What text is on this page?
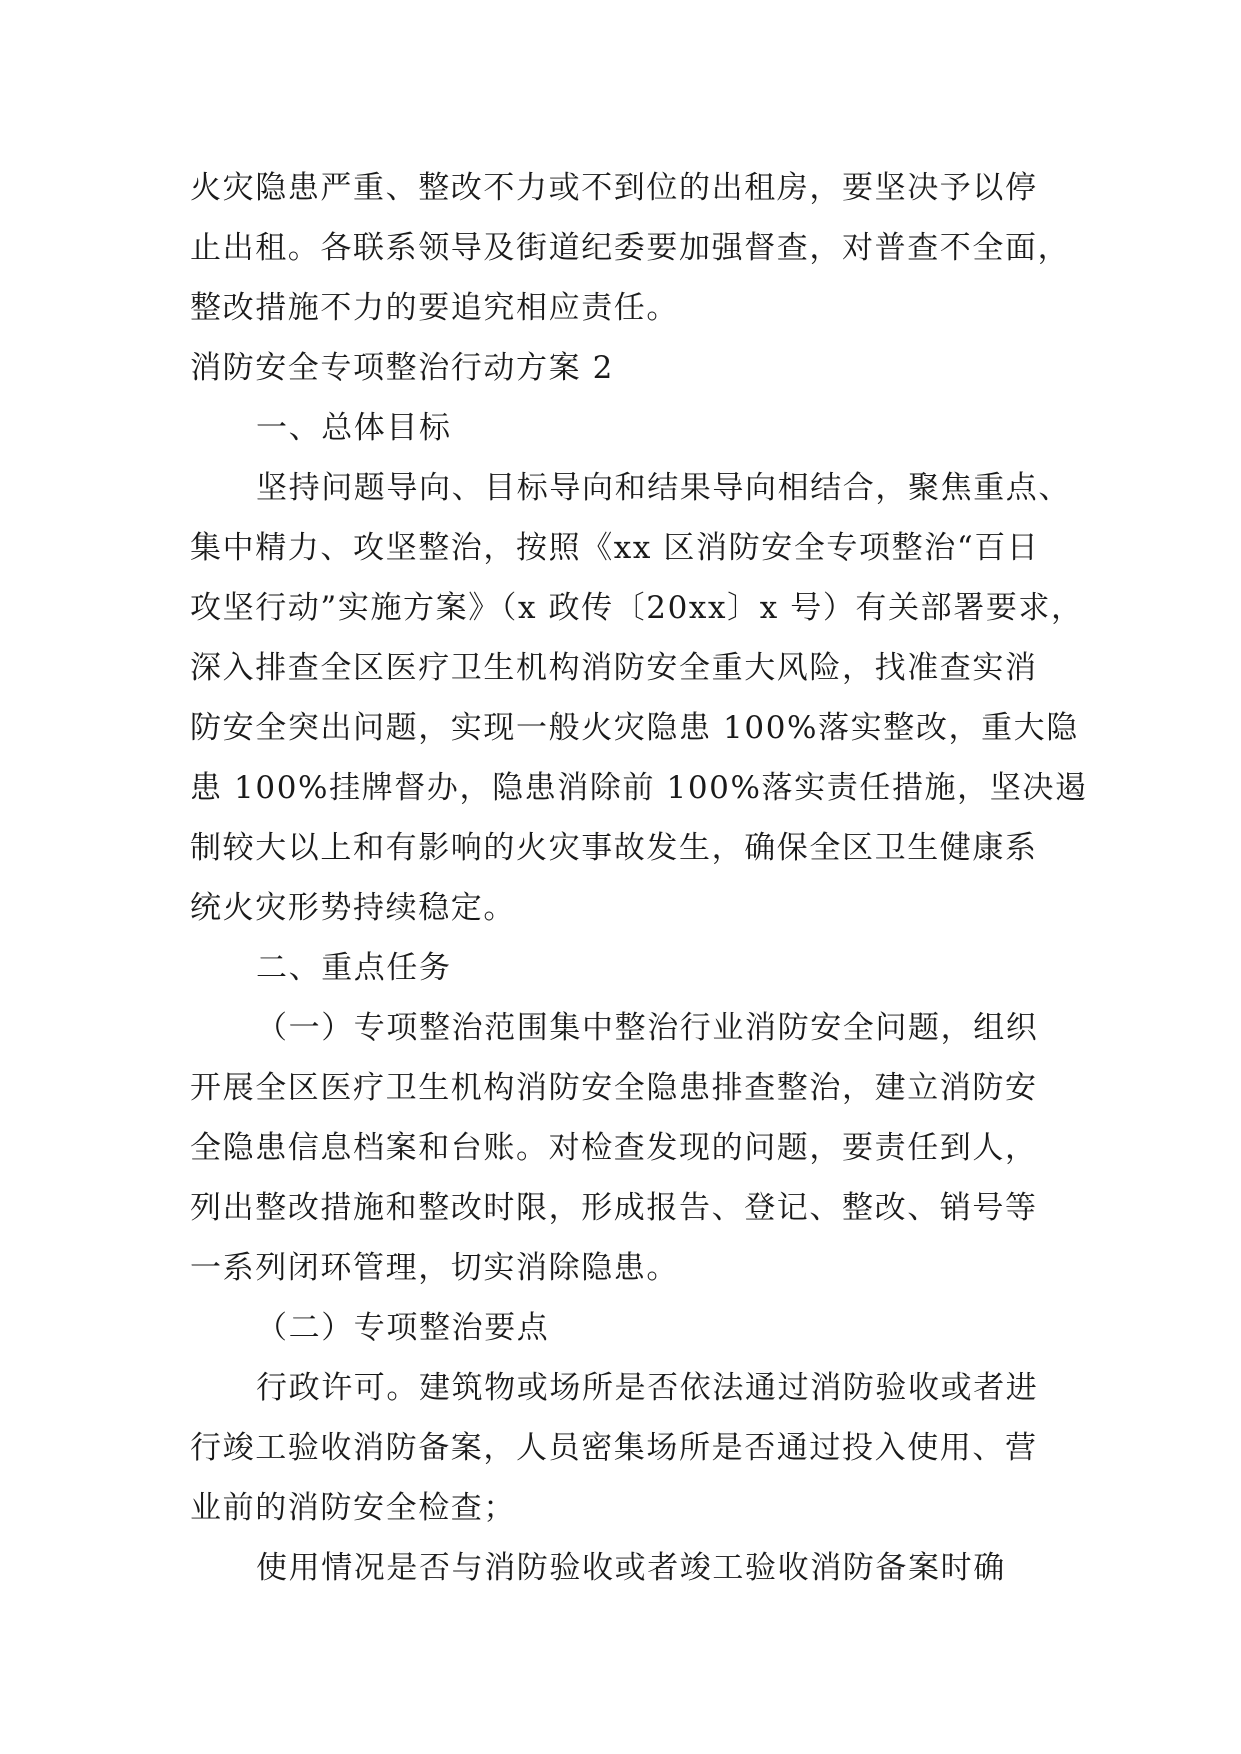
火灾隐患严重、整改不力或不到位的出租房，要坚决予以停
止出租。各联系领导及街道纪委要加强督查，对普查不全面，
整改措施不力的要追究相应责任。
消防安全专项整治行动方案 2
一、总体目标
坚持问题导向、目标导向和结果导向相结合，聚焦重点、
集中精力、攻坚整治，按照《xx 区消防安全专项整治“百日
攻坚行动”实施方案》（x 政传〔20xx〕x 号）有关部署要求，
深入排查全区医疗卫生机构消防安全重大风险，找准查实消
防安全突出问题，实现一般火灾隐患 100%落实整改，重大隐
患 100%挂牌督办，隐患消除前 100%落实责任措施，坚决遏
制较大以上和有影响的火灾事故发生，确保全区卫生健康系
统火灾形势持续稳定。
二、重点任务
（一）专项整治范围集中整治行业消防安全问题，组织
开展全区医疗卫生机构消防安全隐患排查整治，建立消防安
全隐患信息档案和台账。对检查发现的问题，要责任到人，
列出整改措施和整改时限，形成报告、登记、整改、销号等
一系列闭环管理，切实消除隐患。
（二）专项整治要点
行政许可。建筑物或场所是否依法通过消防验收或者进
行竣工验收消防备案，人员密集场所是否通过投入使用、营
业前的消防安全检查；
使用情况是否与消防验收或者竣工验收消防备案时确
